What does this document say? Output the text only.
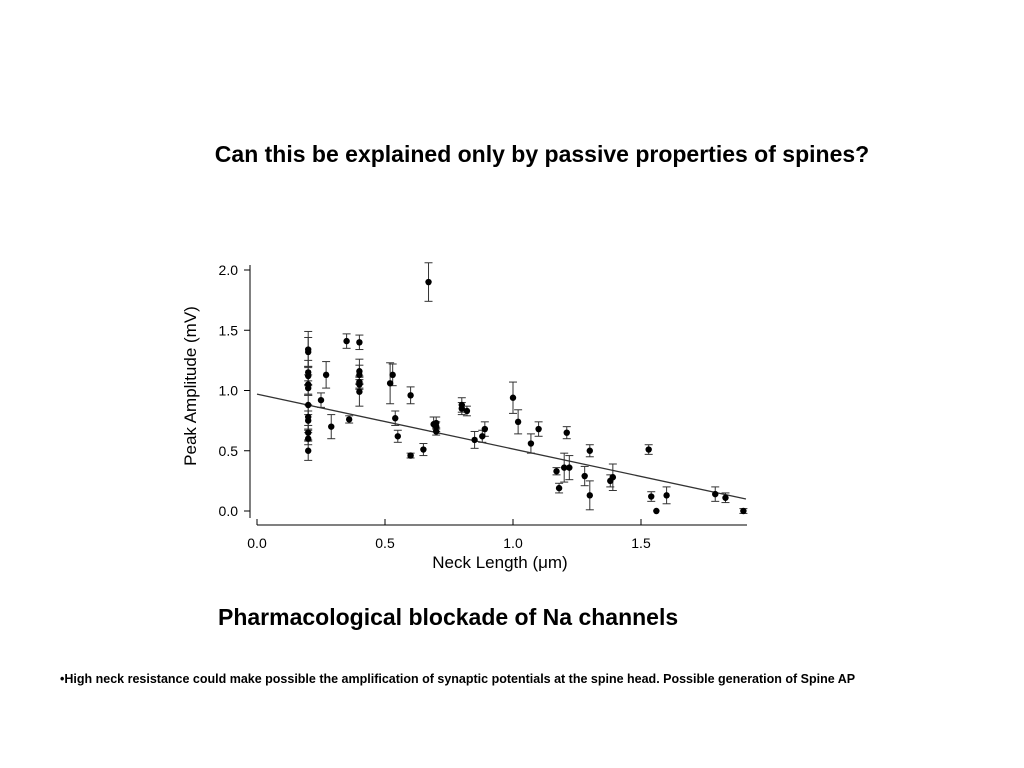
Can this be explained only by passive properties of spines?
0.0
0.5
1.0
1.5
2.0
0.0	0.5	1.0	1.5
Neck Length (μm)
Peak Amplitude (mV)
Pharmacological blockade of Na channels
•High neck resistance could make possible the amplification of synaptic potentials at the spine head. Possible generation of Spine AP
